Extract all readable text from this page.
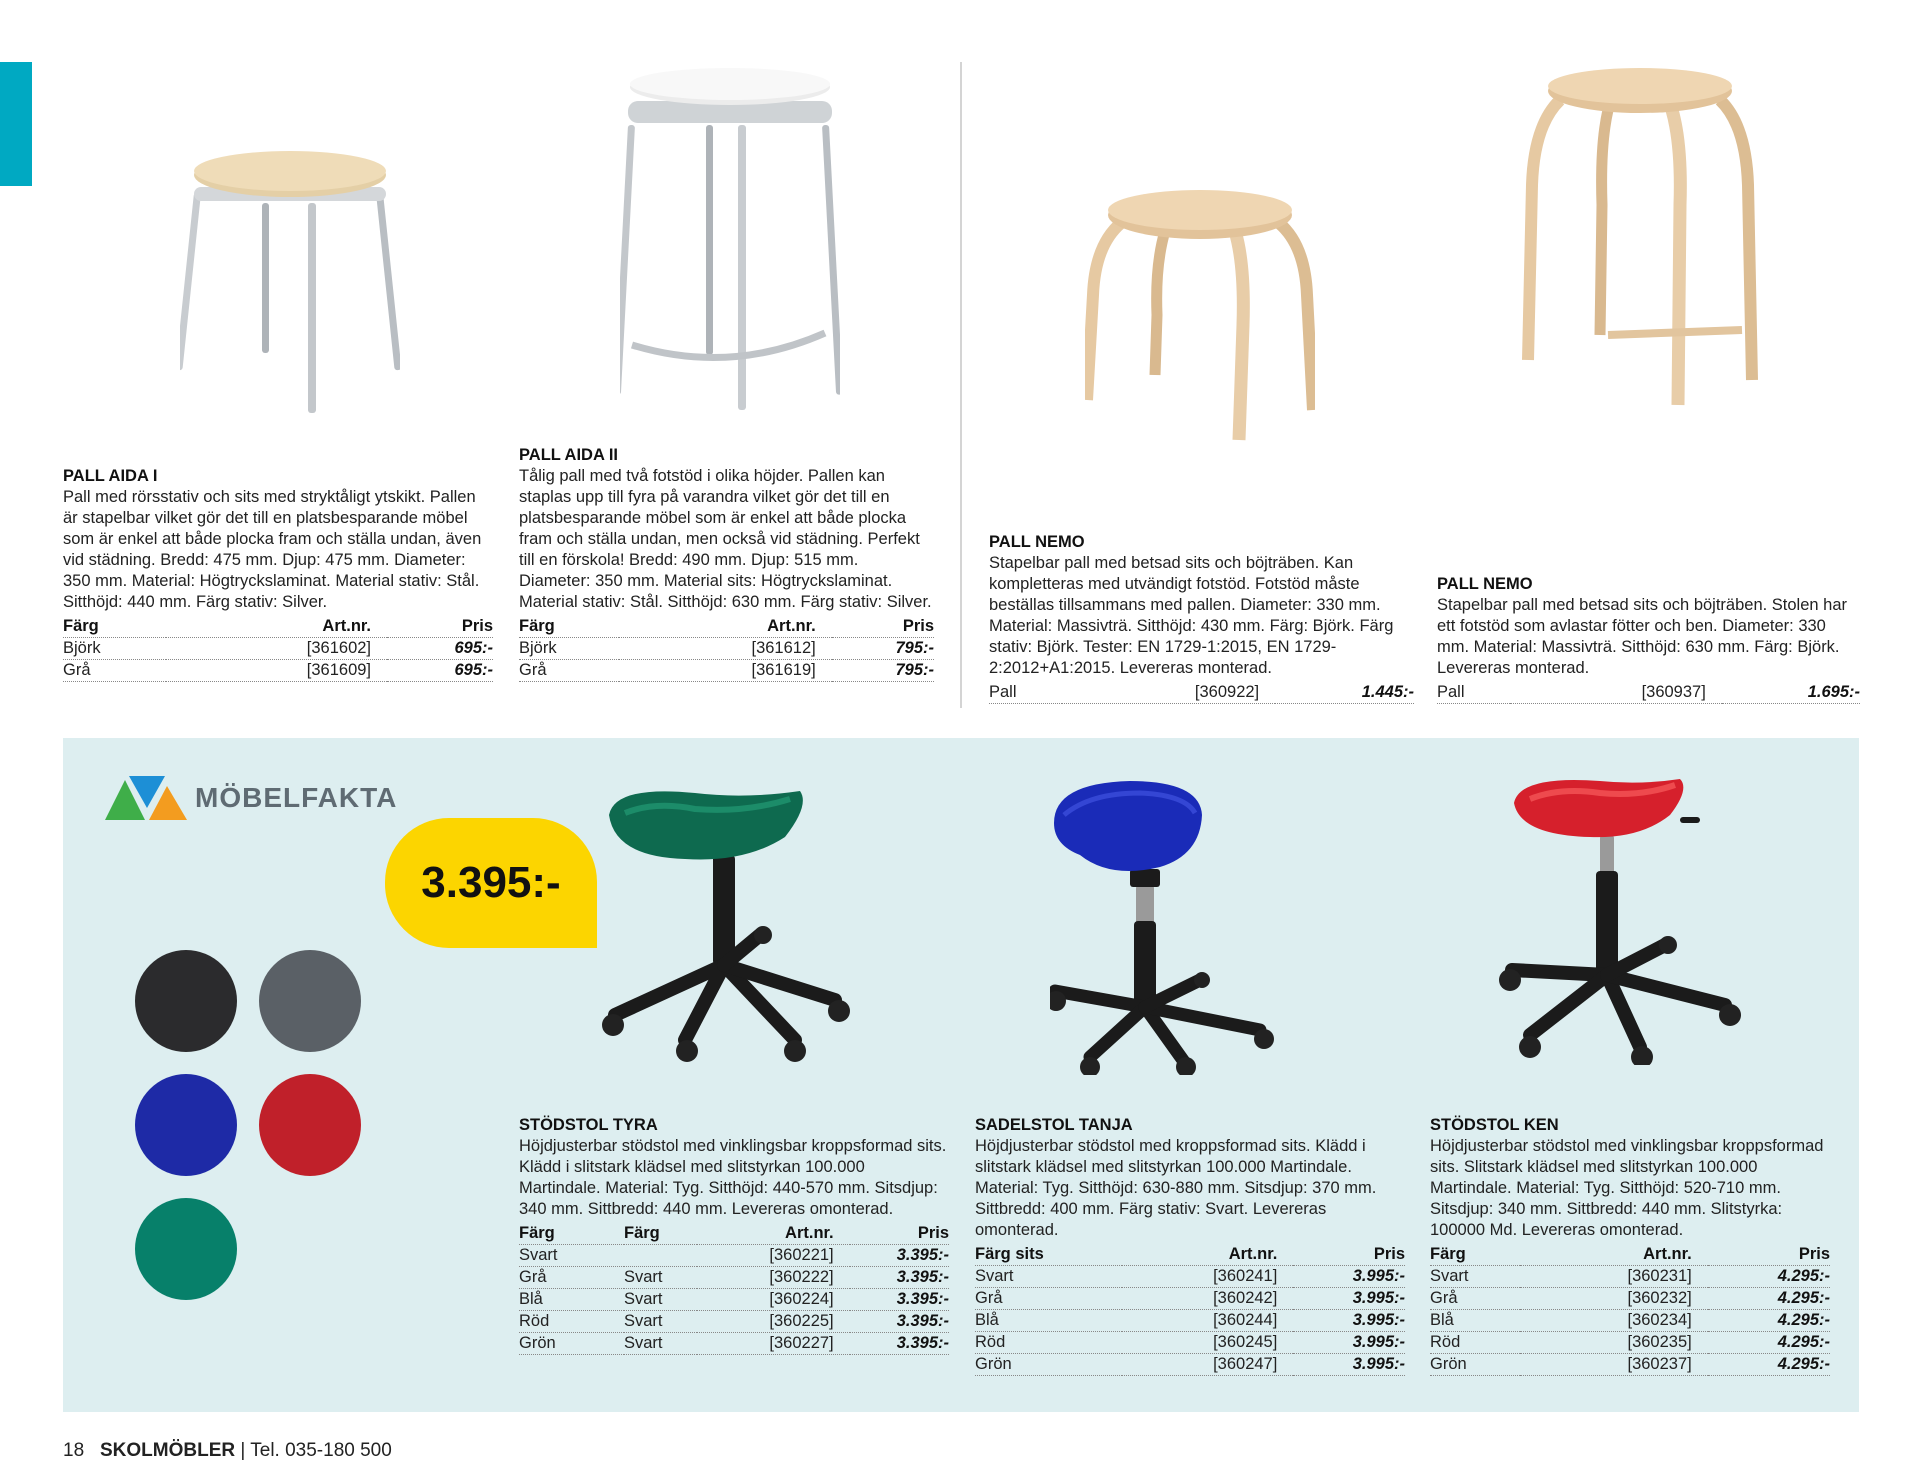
PALL AIDA I

Pall med rörsstativ och sits med stryktåligt ytskikt. Pallen är stapelbar vilket gör det till en platsbesparande möbel som är enkel att både plocka fram och ställa undan, även vid städning. Bredd: 475 mm. Djup: 475 mm. Diameter: 350 mm. Material: Högtryckslaminat. Material stativ: Stål. Sitthöjd: 440 mm. Färg stativ: Silver.

Färg	Art.nr.	Pris
Björk	[361602]	695:-
Grå	[361609]	695:-
PALL AIDA II

Tålig pall med två fotstöd i olika höjder. Pallen kan staplas upp till fyra på varandra vilket gör det till en platsbesparande möbel som är enkel att både plocka fram och ställa undan, men också vid städning. Perfekt till en förskola! Bredd: 490 mm. Djup: 515 mm. Diameter: 350 mm. Material sits: Högtryckslaminat. Material stativ: Stål. Sitthöjd: 630 mm. Färg stativ: Silver.

Färg	Art.nr.	Pris
Björk	[361612]	795:-
Grå	[361619]	795:-
PALL NEMO

Stapelbar pall med betsad sits och böjträben. Kan kompletteras med utvändigt fotstöd. Fotstöd måste beställas tillsammans med pallen. Diameter: 330 mm. Material: Massivträ. Sitthöjd: 430 mm. Färg: Björk. Färg stativ: Björk. Tester: EN 1729-1:2015, EN 1729-2:2012+A1:2015. Levereras monterad.

Pall	[360922]	1.445:-
PALL NEMO

Stapelbar pall med betsad sits och böjträben. Stolen har ett fotstöd som avlastar fötter och ben. Diameter: 330 mm. Material: Massivträ. Sitthöjd: 630 mm. Färg: Björk. Levereras monterad.

Pall	[360937]	1.695:-
MÖBELFAKTA
3.395:-
STÖDSTOL TYRA

Höjdjusterbar stödstol med vinklingsbar kroppsformad sits. Klädd i slitstark klädsel med slitstyrkan 100.000 Martindale. Material: Tyg. Sitthöjd: 440-570 mm. Sitsdjup: 340 mm. Sittbredd: 440 mm. Levereras omonterad.

Färg	Färg	Art.nr.	Pris
Svart		[360221]	3.395:-
Grå	Svart	[360222]	3.395:-
Blå	Svart	[360224]	3.395:-
Röd	Svart	[360225]	3.395:-
Grön	Svart	[360227]	3.395:-
SADELSTOL TANJA

Höjdjusterbar stödstol med kroppsformad sits. Klädd i slitstark klädsel med slitstyrkan 100.000 Martindale. Material: Tyg. Sitthöjd: 630-880 mm. Sitsdjup: 370 mm. Sittbredd: 400 mm. Färg stativ: Svart. Levereras omonterad.

Färg sits	Art.nr.	Pris
Svart	[360241]	3.995:-
Grå	[360242]	3.995:-
Blå	[360244]	3.995:-
Röd	[360245]	3.995:-
Grön	[360247]	3.995:-
STÖDSTOL KEN

Höjdjusterbar stödstol med vinklingsbar kroppsformad sits. Slitstark klädsel med slitstyrkan 100.000 Martindale. Material: Tyg. Sitthöjd: 520-710 mm. Sitsdjup: 340 mm. Sittbredd: 440 mm. Slitstyrka: 100000 Md. Levereras omonterad.

Färg	Art.nr.	Pris
Svart	[360231]	4.295:-
Grå	[360232]	4.295:-
Blå	[360234]	4.295:-
Röd	[360235]	4.295:-
Grön	[360237]	4.295:-
18 SKOLMÖBLER | Tel. 035-180 500
